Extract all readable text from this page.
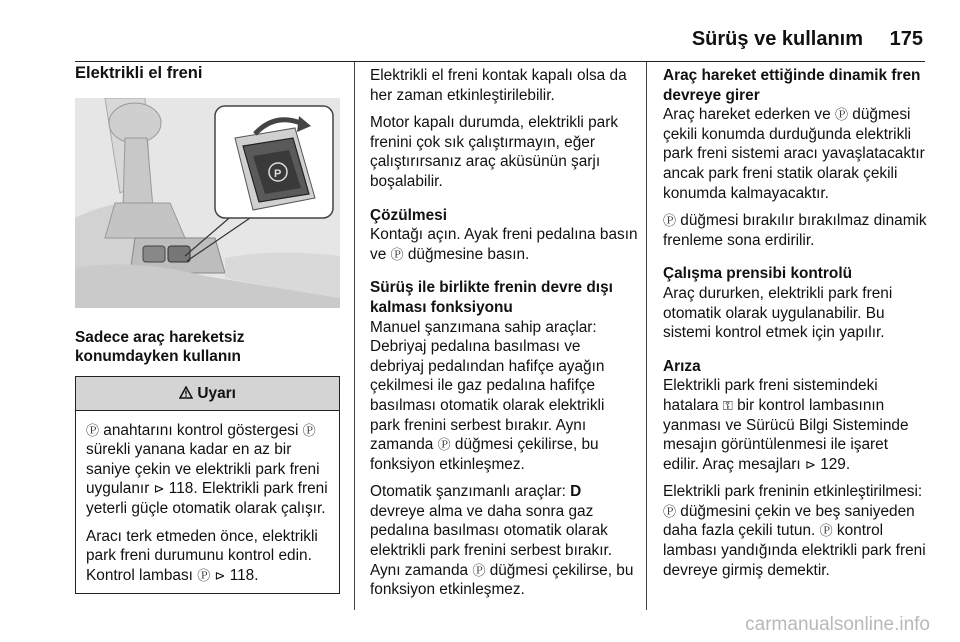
Sürüş ve kullanım 175
Elektrikli el freni
P
Sadece araç hareketsiz konumdayken kullanın
Uyarı

Ⓟ anahtarını kontrol göstergesi Ⓟ sürekli yanana kadar en az bir saniye çekin ve elektrikli park freni uygulanır ⊳ 118. Elektrikli park freni yeterli güçle otomatik olarak çalışır.

Aracı terk etmeden önce, elektrikli park freni durumunu kontrol edin. Kontrol lambası Ⓟ ⊳ 118.

Elektrikli el freni kontak kapalı olsa da her zaman etkinleştirilebilir.

Motor kapalı durumda, elektrikli park frenini çok sık çalıştırmayın, eğer çalıştırırsanız araç aküsünün şarjı boşalabilir.

Çözülmesi

Kontağı açın. Ayak freni pedalına basın ve Ⓟ düğmesine basın.

Sürüş ile birlikte frenin devre dışı kalması fonksiyonu

Manuel şanzımana sahip araçlar: Debriyaj pedalına basılması ve debriyaj pedalından hafifçe ayağın çekilmesi ile gaz pedalına hafifçe basılması otomatik olarak elektrikli park frenini serbest bırakır. Aynı zamanda Ⓟ düğmesi çekilirse, bu fonksiyon etkinleşmez.

Otomatik şanzımanlı araçlar: D devreye alma ve daha sonra gaz pedalına basılması otomatik olarak elektrikli park frenini serbest bırakır. Aynı zamanda Ⓟ düğmesi çekilirse, bu fonksiyon etkinleşmez.

Araç hareket ettiğinde dinamik fren devreye girer

Araç hareket ederken ve Ⓟ düğmesi çekili konumda durduğunda elektrikli park freni sistemi aracı yavaşlatacaktır ancak park freni statik olarak çekili konumda kalmayacaktır.

Ⓟ düğmesi bırakılır bırakılmaz dinamik frenleme sona erdirilir.

Çalışma prensibi kontrolü

Araç dururken, elektrikli park freni otomatik olarak uygulanabilir. Bu sistemi kontrol etmek için yapılır.

Arıza

Elektrikli park freni sistemindeki hatalara ⚿ bir kontrol lambasının yanması ve Sürücü Bilgi Sisteminde mesajın görüntülenmesi ile işaret edilir. Araç mesajları ⊳ 129.

Elektrikli park freninin etkinleştirilmesi: Ⓟ düğmesini çekin ve beş saniyeden daha fazla çekili tutun. Ⓟ kontrol lambası yandığında elektrikli park freni devreye girmiş demektir.

carmanualsonline.info
